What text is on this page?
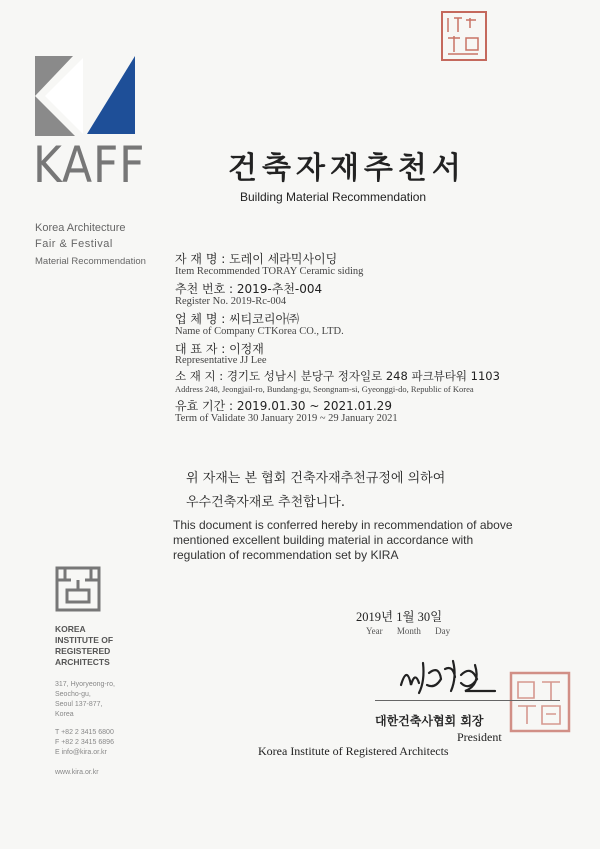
KAFF
Korea Architecture
Fair & Festival
Material Recommendation
건축자재추천서
Building Material Recommendation
자 재 명 : 도레이 세라믹사이딩
Item Recommended TORAY Ceramic siding
추천 번호 : 2019-추천-004
Register No. 2019-Rc-004
업 체 명 : 씨티코리아㈜
Name of Company CTKorea CO., LTD.
대 표 자 : 이정재
Representative JJ Lee
소 재 지 : 경기도 성남시 분당구 정자일로 248 파크뷰타워 1103
Address 248, Jeongjail-ro, Bundang-gu, Seongnam-si, Gyeonggi-do, Republic of Korea
유효 기간 : 2019.01.30 ~ 2021.01.29
Term of Validate 30 January 2019 ~ 29 January 2021
위 자재는 본 협회 건축자재추천규정에 의하여
우수건축자재로 추천합니다.
This document is conferred hereby in recommendation of above mentioned excellent building material in accordance with regulation of recommendation set by KIRA
2019년 1월 30일
Year Month Day
KOREA
INSTITUTE OF
REGISTERED
ARCHITECTS
317, Hyoryeong-ro,
Seocho-gu,
Seoul 137-877,
Korea
T +82 2 3415 6800
F +82 2 3415 6896
E info@kira.or.kr
www.kira.or.kr
대한건축사협회 회장
President
Korea Institute of Registered Architects
